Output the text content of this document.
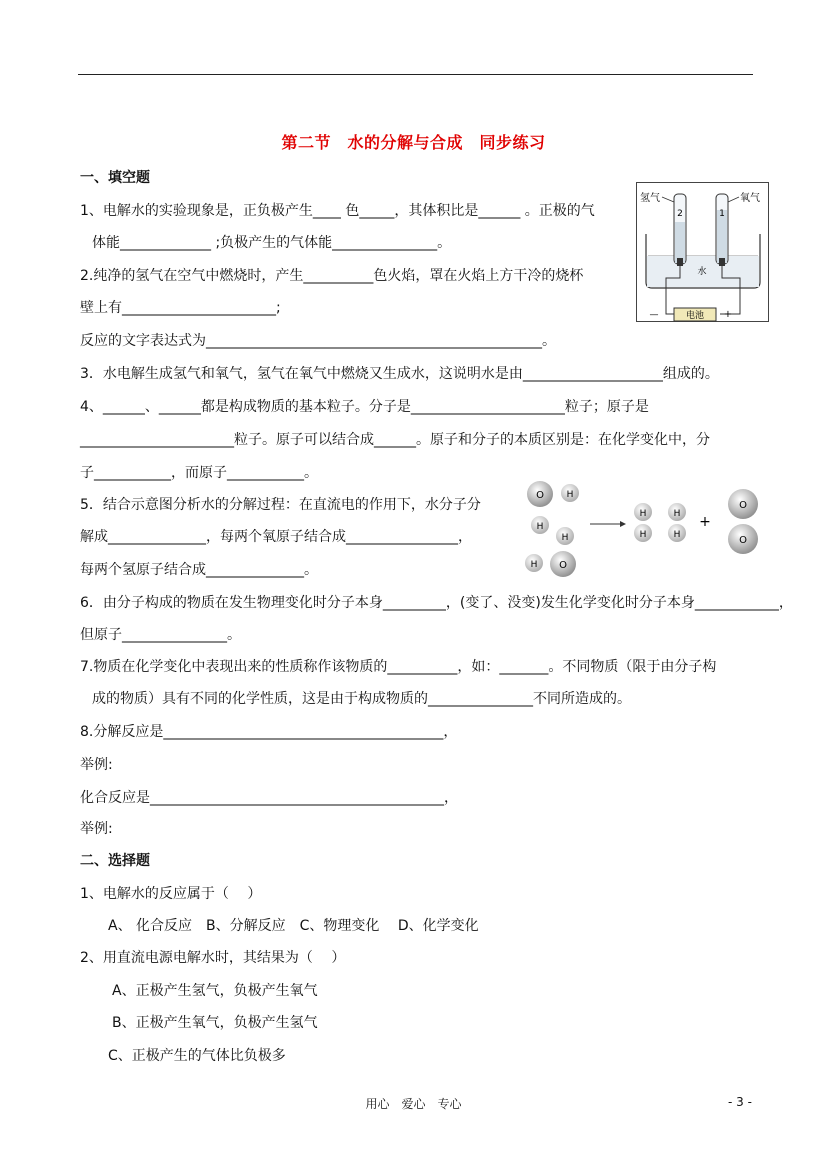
第二节　水的分解与合成　同步练习
一、填空题
1、电解水的实验现象是，正负极产生____ 色_____，其体积比是______ 。正极的气
体能_____________ ;负极产生的气体能_______________。
2.纯净的氢气在空气中燃烧时，产生__________色火焰，罩在火焰上方干冷的烧杯
壁上有______________________;
反应的文字表达式为________________________________________________。
3．水电解生成氢气和氧气，氢气在氧气中燃烧又生成水，这说明水是由____________________组成的。
4、______、______都是构成物质的基本粒子。分子是______________________粒子；原子是
______________________粒子。原子可以结合成______。原子和分子的本质区别是：在化学变化中，分
子___________，而原子___________。
5．结合示意图分析水的分解过程：在直流电的作用下，水分子分
解成______________，每两个氧原子结合成________________，
每两个氢原子结合成______________。
6．由分子构成的物质在发生物理变化时分子本身_________，(变了、没变)发生化学变化时分子本身____________，
但原子_______________。
7.物质在化学变化中表现出来的性质称作该物质的__________，如：_______。不同物质（限于由分子构
成的物质）具有不同的化学性质，这是由于构成物质的_______________不同所造成的。
8.分解反应是________________________________________，
举例:
化合反应是__________________________________________，
举例:
二、选择题
1、电解水的反应属于（　 ）
A、 化合反应　B、分解反应　C、物理变化　 D、化学变化
2、用直流电源电解水时，其结果为（　 ）
A、正极产生氢气，负极产生氧气
B、正极产生氧气，负极产生氢气
C、正极产生的气体比负极多
电池
—	+
氢气	氧气
2	1
水
O	H
H
H
H O
H
H
H
H
+
O
O
用心　爱心　专心	- 3 -
